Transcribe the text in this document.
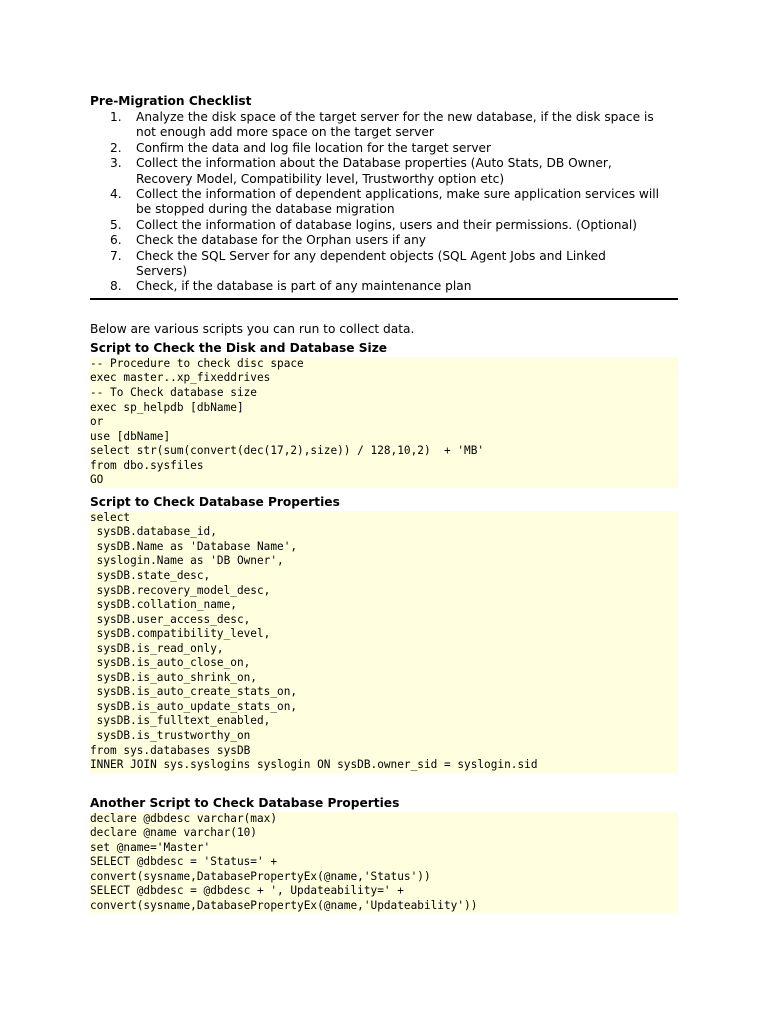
Pre-Migration Checklist
1. Analyze the disk space of the target server for the new database, if the disk space is
not enough add more space on the target server
2. Confirm the data and log file location for the target server
3. Collect the information about the Database properties (Auto Stats, DB Owner,
Recovery Model, Compatibility level, Trustworthy option etc)
4. Collect the information of dependent applications, make sure application services will
be stopped during the database migration
5. Collect the information of database logins, users and their permissions. (Optional)
6. Check the database for the Orphan users if any
7. Check the SQL Server for any dependent objects (SQL Agent Jobs and Linked
Servers)
8. Check, if the database is part of any maintenance plan
Below are various scripts you can run to collect data.
Script to Check the Disk and Database Size
-- Procedure to check disc space
exec master..xp_fixeddrives
-- To Check database size
exec sp_helpdb [dbName]
or
use [dbName]
select str(sum(convert(dec(17,2),size)) / 128,10,2)  + 'MB'
from dbo.sysfiles
GO
Script to Check Database Properties
select
sysDB.database_id,
sysDB.Name as 'Database Name',
syslogin.Name as 'DB Owner',
sysDB.state_desc,
sysDB.recovery_model_desc,
sysDB.collation_name,
sysDB.user_access_desc,
sysDB.compatibility_level,
sysDB.is_read_only,
sysDB.is_auto_close_on,
sysDB.is_auto_shrink_on,
sysDB.is_auto_create_stats_on,
sysDB.is_auto_update_stats_on,
sysDB.is_fulltext_enabled,
sysDB.is_trustworthy_on
from sys.databases sysDB
INNER JOIN sys.syslogins syslogin ON sysDB.owner_sid = syslogin.sid
Another Script to Check Database Properties
declare @dbdesc varchar(max)
declare @name varchar(10)
set @name='Master'
SELECT @dbdesc = 'Status=' +
convert(sysname,DatabasePropertyEx(@name,'Status'))
SELECT @dbdesc = @dbdesc + ', Updateability=' +
convert(sysname,DatabasePropertyEx(@name,'Updateability'))
